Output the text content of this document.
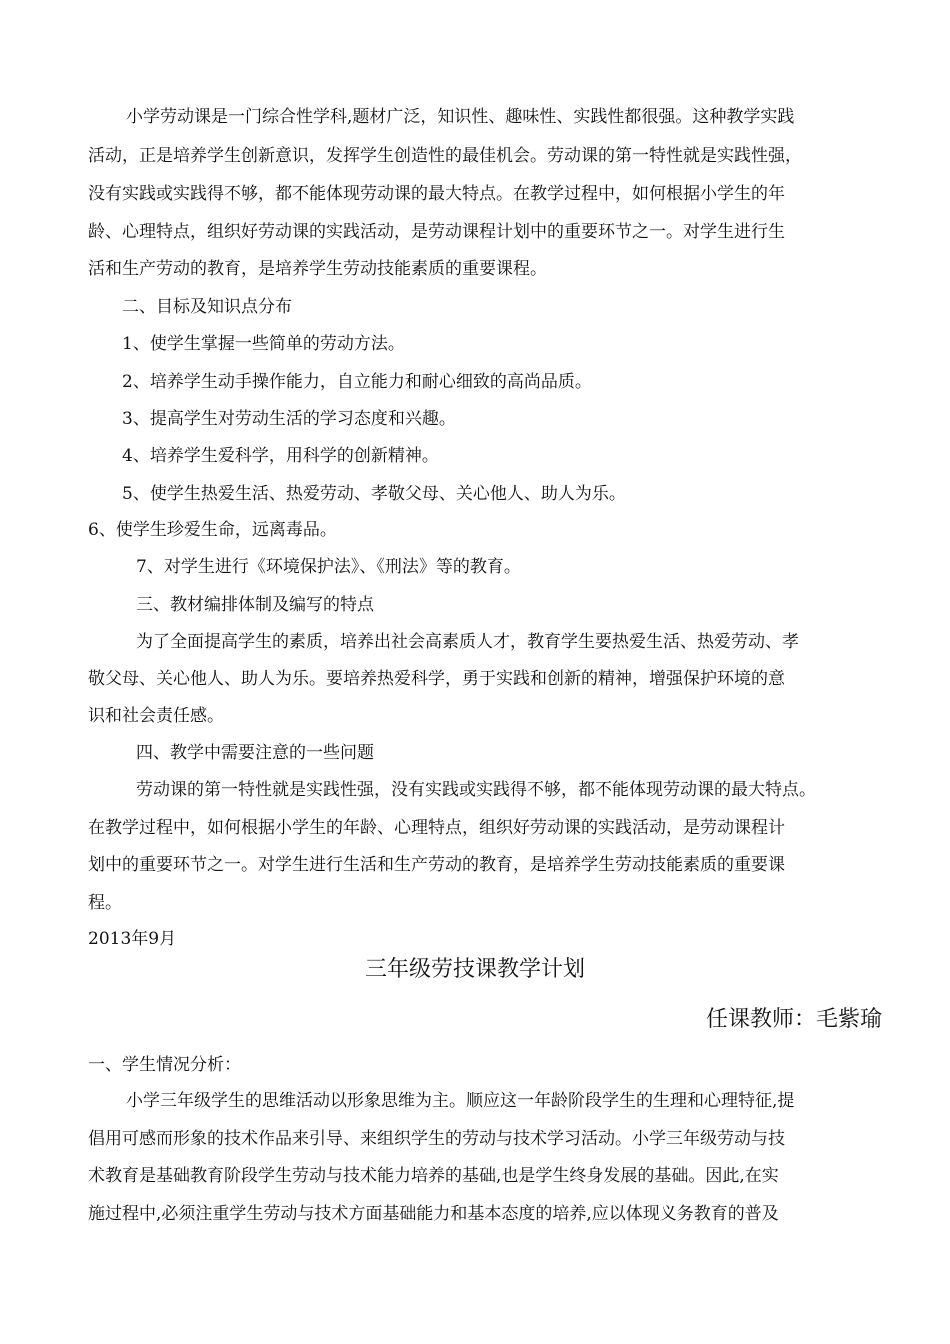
小学劳动课是一门综合性学科,题材广泛，知识性、趣味性、实践性都很强。这种教学实践
活动，正是培养学生创新意识，发挥学生创造性的最佳机会。劳动课的第一特性就是实践性强，
没有实践或实践得不够，都不能体现劳动课的最大特点。在教学过程中，如何根据小学生的年
龄、心理特点，组织好劳动课的实践活动，是劳动课程计划中的重要环节之一。对学生进行生
活和生产劳动的教育，是培养学生劳动技能素质的重要课程。
二、目标及知识点分布
1、使学生掌握一些简单的劳动方法。
2、培养学生动手操作能力，自立能力和耐心细致的高尚品质。
3、提高学生对劳动生活的学习态度和兴趣。
4、培养学生爱科学，用科学的创新精神。
5、使学生热爱生活、热爱劳动、孝敬父母、关心他人、助人为乐。
6、使学生珍爱生命，远离毒品。
7、对学生进行《环境保护法》、《刑法》等的教育。
三、教材编排体制及编写的特点
为了全面提高学生的素质，培养出社会高素质人才，教育学生要热爱生活、热爱劳动、孝
敬父母、关心他人、助人为乐。要培养热爱科学，勇于实践和创新的精神，增强保护环境的意
识和社会责任感。
四、教学中需要注意的一些问题
劳动课的第一特性就是实践性强，没有实践或实践得不够，都不能体现劳动课的最大特点。
在教学过程中，如何根据小学生的年龄、心理特点，组织好劳动课的实践活动，是劳动课程计
划中的重要环节之一。对学生进行生活和生产劳动的教育，是培养学生劳动技能素质的重要课
程。
2013年9月
三年级劳技课教学计划
任课教师：毛紫瑜
一、学生情况分析：
小学三年级学生的思维活动以形象思维为主。顺应这一年龄阶段学生的生理和心理特征,提
倡用可感而形象的技术作品来引导、来组织学生的劳动与技术学习活动。小学三年级劳动与技
术教育是基础教育阶段学生劳动与技术能力培养的基础,也是学生终身发展的基础。因此,在实
施过程中,必须注重学生劳动与技术方面基础能力和基本态度的培养,应以体现义务教育的普及
